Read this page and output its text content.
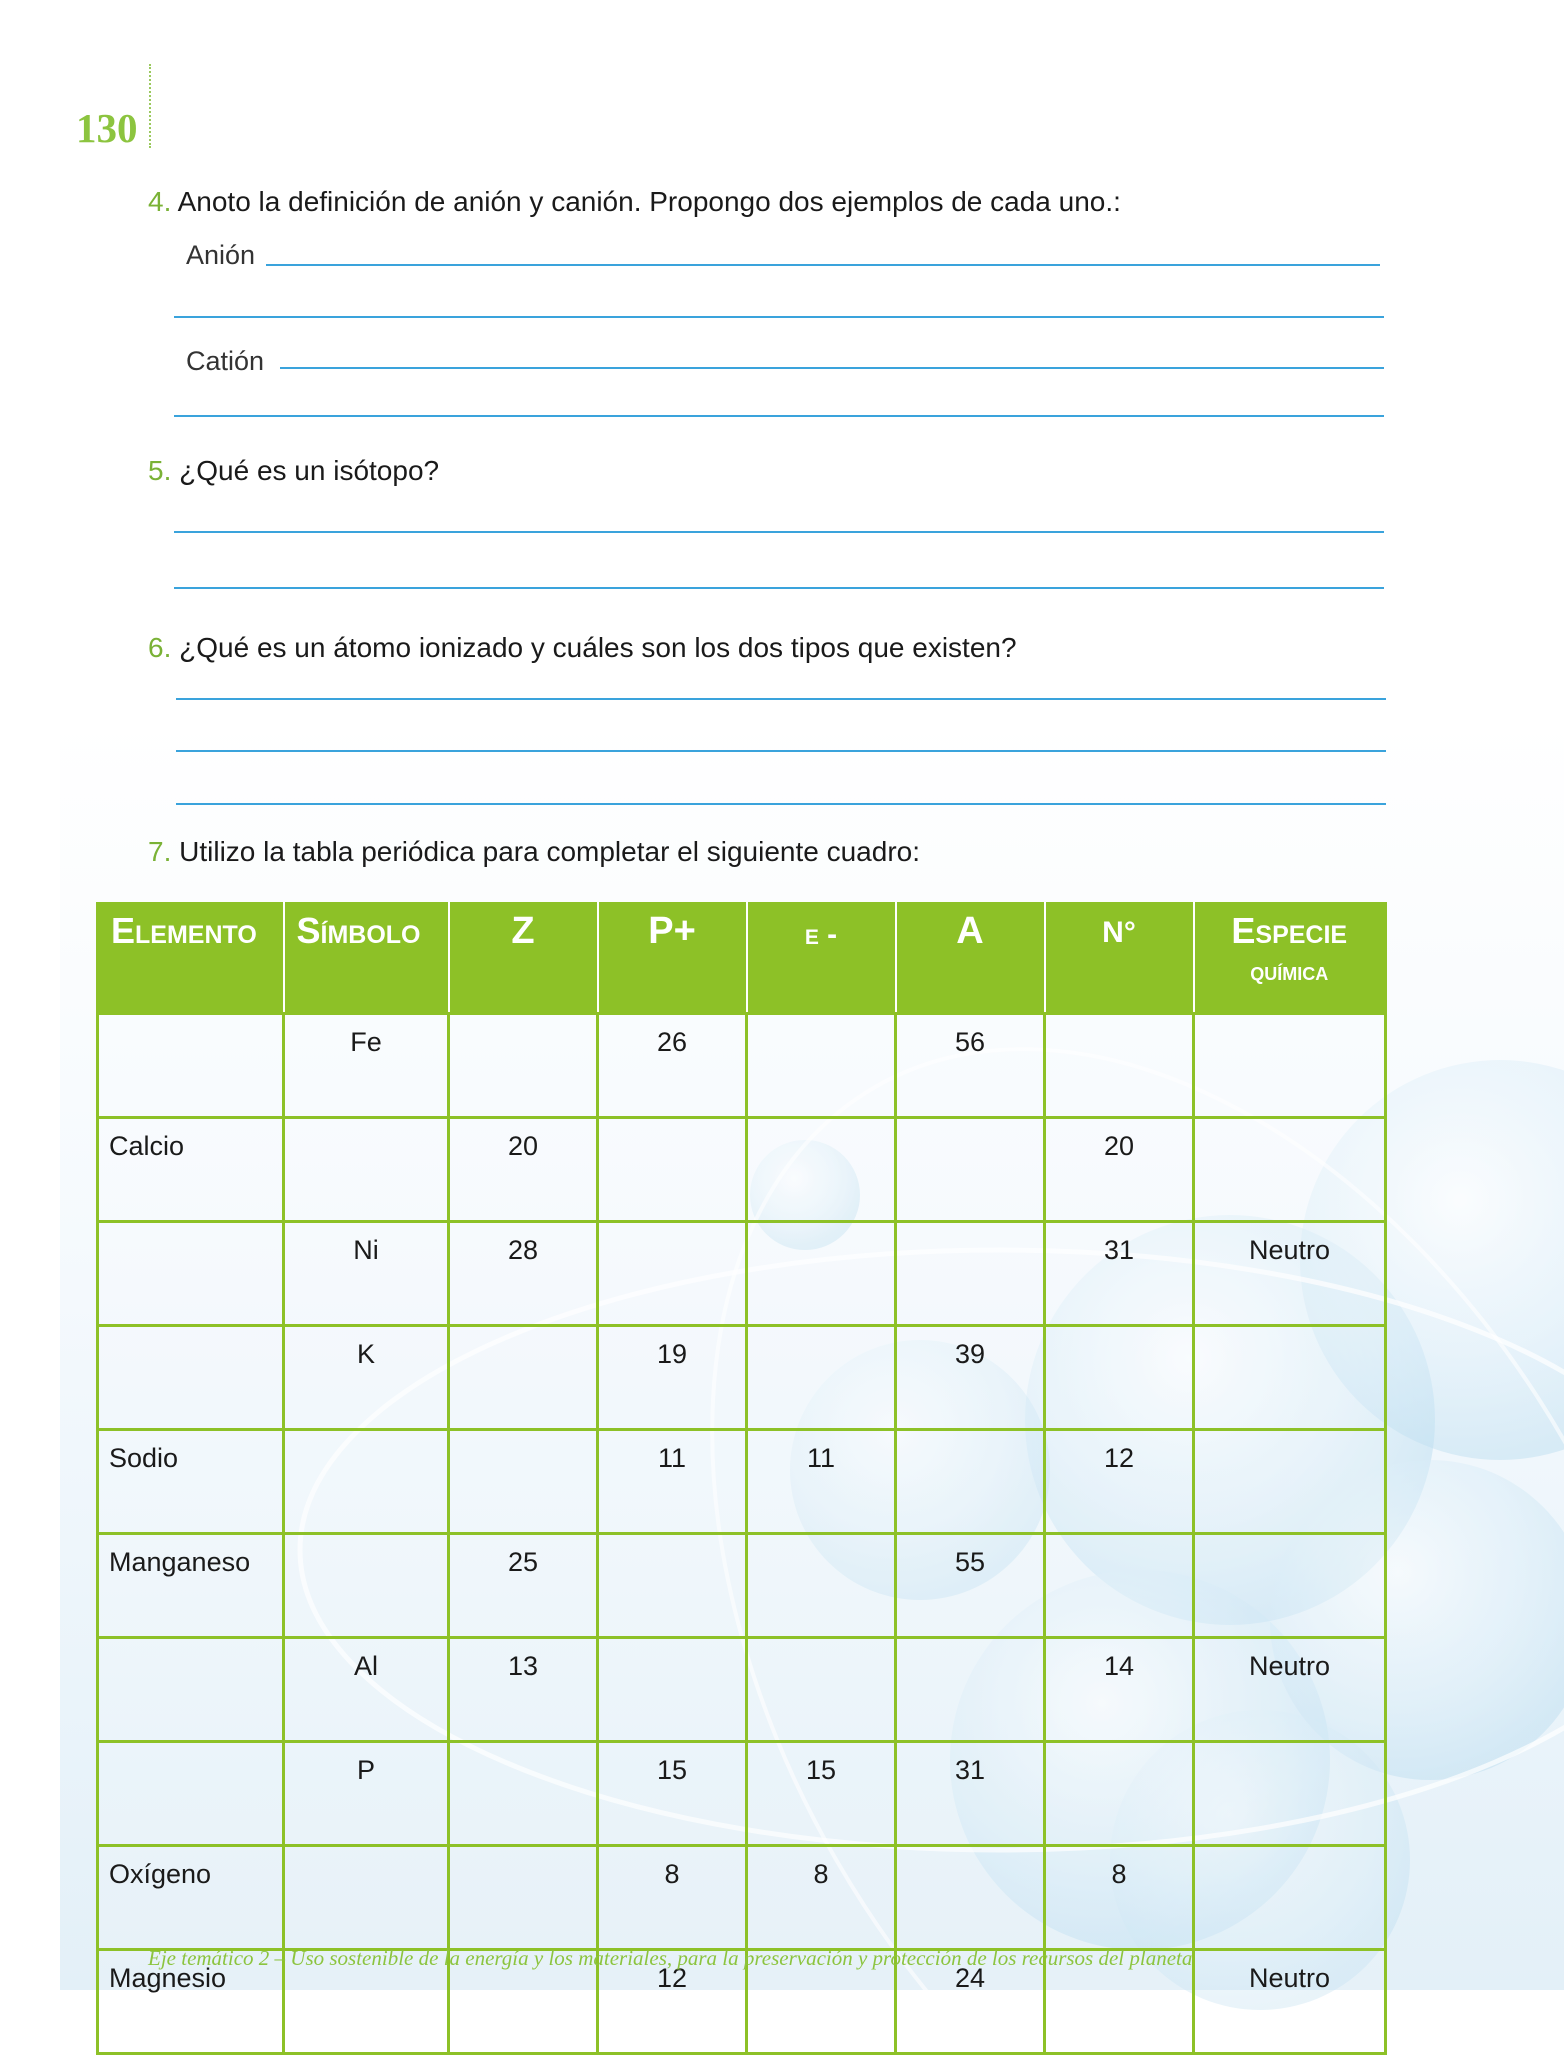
130
4. Anoto la definición de anión y canión. Propongo dos ejemplos de cada uno.:
Anión
Catión
5. ¿Qué es un isótopo?
6. ¿Qué es un átomo ionizado y cuáles son los dos tipos que existen?
7. Utilizo la tabla periódica para completar el siguiente cuadro:
Elemento	Símbolo	Z	P+	e -	A	N°	Especie
química

	Fe		26		56		
Calcio		20				20	
	Ni	28				31	Neutro
	K		19		39		
Sodio			11	11		12	
Manganeso		25			55		
	Al	13				14	Neutro
	P		15	15	31		
Oxígeno			8	8		8	
Magnesio			12		24		Neutro
Eje temático 2 – Uso sostenible de la energía y los materiales, para la preservación y protección de los recursos del planeta
